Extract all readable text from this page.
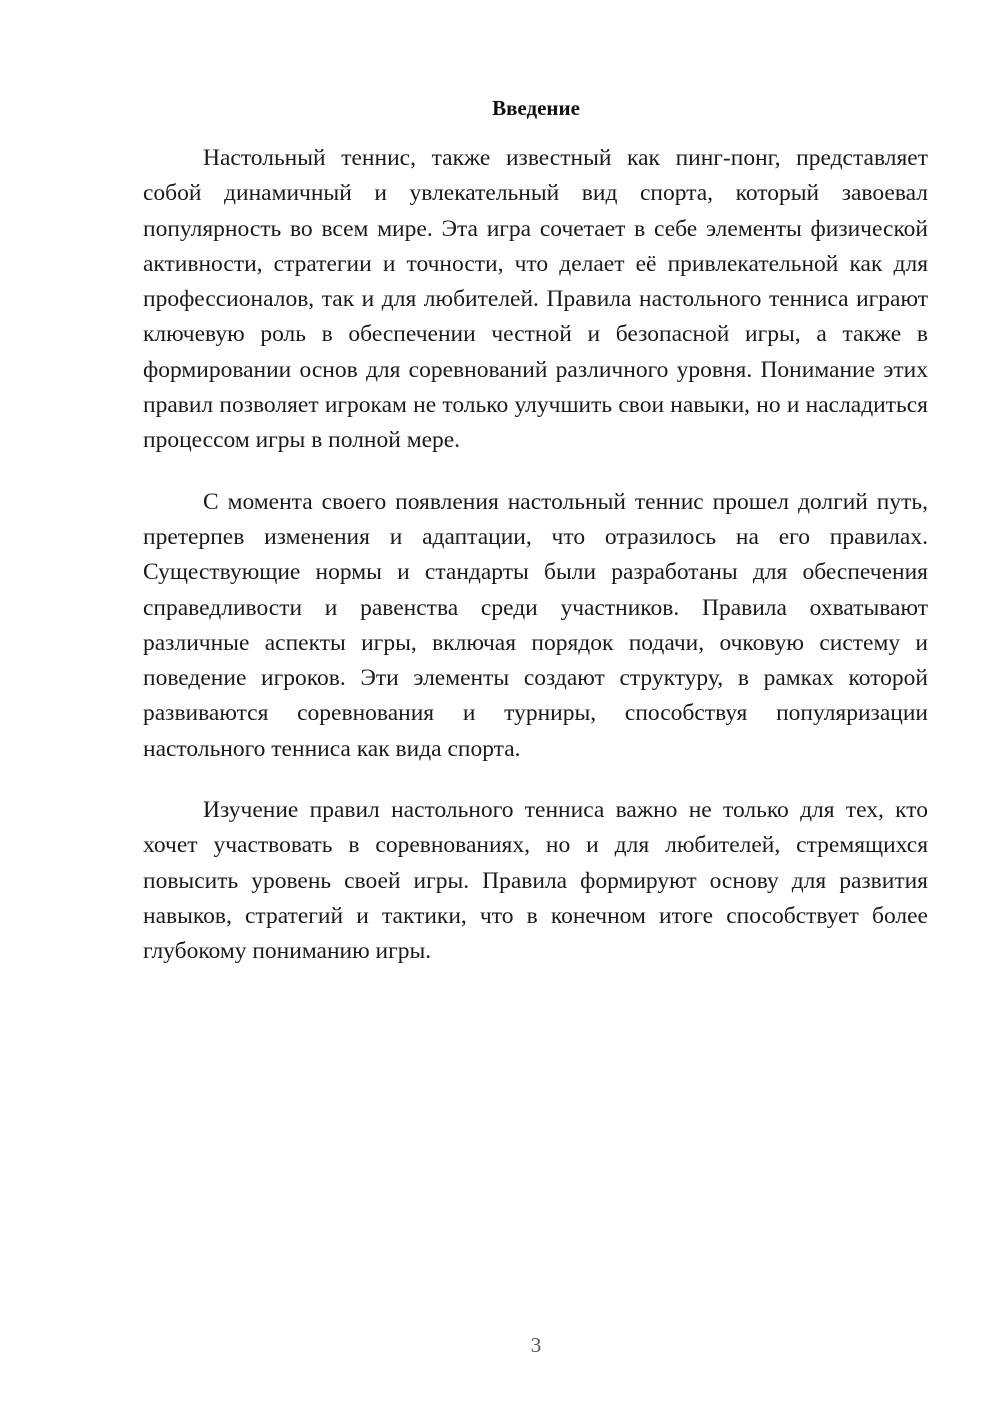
Введение

Настольный теннис, также известный как пинг-понг, представляет собой динамичный и увлекательный вид спорта, который завоевал популярность во всем мире. Эта игра сочетает в себе элементы физической активности, стратегии и точности, что делает её привлекательной как для профессионалов, так и для любителей. Правила настольного тенниса играют ключевую роль в обеспечении честной и безопасной игры, а также в формировании основ для соревнований различного уровня. Понимание этих правил позволяет игрокам не только улучшить свои навыки, но и насладиться процессом игры в полной мере.

С момента своего появления настольный теннис прошел долгий путь, претерпев изменения и адаптации, что отразилось на его правилах. Существующие нормы и стандарты были разработаны для обеспечения справедливости и равенства среди участников. Правила охватывают различные аспекты игры, включая порядок подачи, очковую систему и поведение игроков. Эти элементы создают структуру, в рамках которой развиваются соревнования и турниры, способствуя популяризации настольного тенниса как вида спорта.

Изучение правил настольного тенниса важно не только для тех, кто хочет участвовать в соревнованиях, но и для любителей, стремящихся повысить уровень своей игры. Правила формируют основу для развития навыков, стратегий и тактики, что в конечном итоге способствует более глубокому пониманию игры.

3
